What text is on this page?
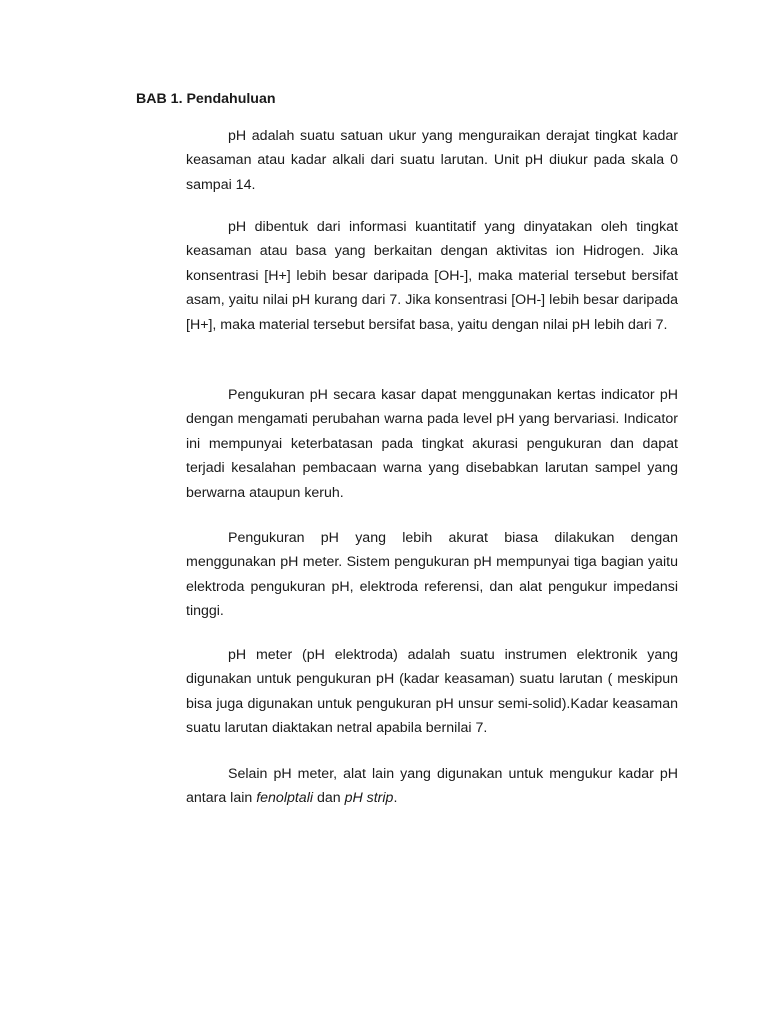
BAB 1. Pendahuluan

pH adalah suatu satuan ukur yang menguraikan derajat tingkat kadar keasaman atau kadar alkali dari suatu larutan. Unit pH diukur pada skala 0 sampai 14.

pH dibentuk dari informasi kuantitatif yang dinyatakan oleh tingkat keasaman atau basa yang berkaitan dengan aktivitas ion Hidrogen. Jika konsentrasi [H+] lebih besar daripada [OH-], maka material tersebut bersifat asam, yaitu nilai pH kurang dari 7. Jika konsentrasi [OH-] lebih besar daripada [H+], maka material tersebut bersifat basa, yaitu dengan nilai pH lebih dari 7.

Pengukuran pH secara kasar dapat menggunakan kertas indicator pH dengan mengamati perubahan warna pada level pH yang bervariasi. Indicator ini mempunyai keterbatasan pada tingkat akurasi pengukuran dan dapat terjadi kesalahan pembacaan warna yang disebabkan larutan sampel yang berwarna ataupun keruh.

Pengukuran pH yang lebih akurat biasa dilakukan dengan menggunakan pH meter. Sistem pengukuran pH mempunyai tiga bagian yaitu elektroda pengukuran pH, elektroda referensi, dan alat pengukur impedansi tinggi.

pH meter (pH elektroda) adalah suatu instrumen elektronik yang digunakan untuk pengukuran pH (kadar keasaman) suatu larutan ( meskipun bisa juga digunakan untuk pengukuran pH unsur semi-solid).Kadar keasaman suatu larutan diaktakan netral apabila bernilai 7.

Selain pH meter, alat lain yang digunakan untuk mengukur kadar pH antara lain fenolptali dan pH strip.
